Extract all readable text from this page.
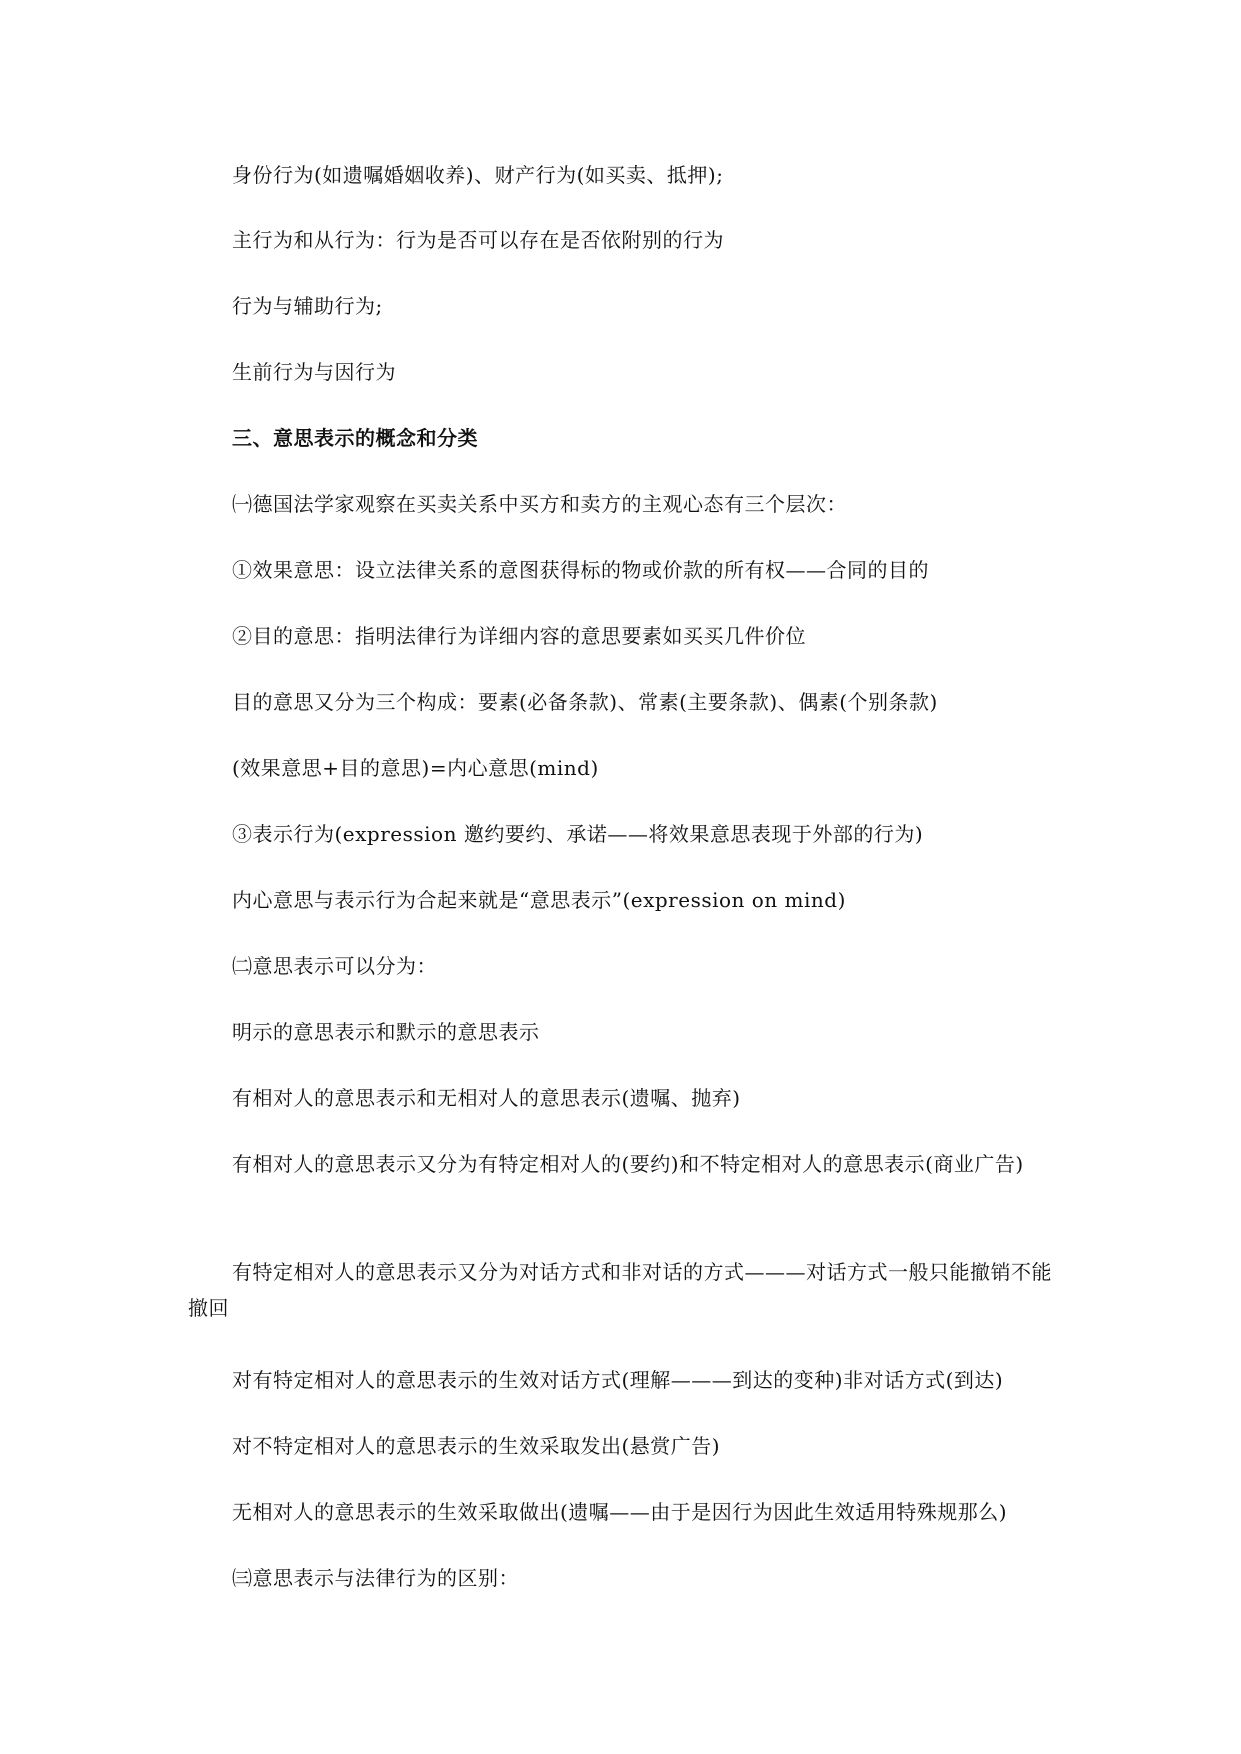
身份行为(如遗嘱婚姻收养)、财产行为(如买卖、抵押);
主行为和从行为：行为是否可以存在是否依附别的行为
行为与辅助行为;
生前行为与因行为
三、意思表示的概念和分类
㈠德国法学家观察在买卖关系中买方和卖方的主观心态有三个层次：
①效果意思：设立法律关系的意图获得标的物或价款的所有权——合同的目的
②目的意思：指明法律行为详细内容的意思要素如买买几件价位
目的意思又分为三个构成：要素(必备条款)、常素(主要条款)、偶素(个别条款)
(效果意思+目的意思)=内心意思(mind)
③表示行为(expression 邀约要约、承诺——将效果意思表现于外部的行为)
内心意思与表示行为合起来就是“意思表示”(expression on mind)
㈡意思表示可以分为：
明示的意思表示和默示的意思表示
有相对人的意思表示和无相对人的意思表示(遗嘱、抛弃)
有相对人的意思表示又分为有特定相对人的(要约)和不特定相对人的意思表示(商业广告)
有特定相对人的意思表示又分为对话方式和非对话的方式———对话方式一般只能撤销不能撤回
对有特定相对人的意思表示的生效对话方式(理解———到达的变种)非对话方式(到达)
对不特定相对人的意思表示的生效采取发出(悬赏广告)
无相对人的意思表示的生效采取做出(遗嘱——由于是因行为因此生效适用特殊规那么)
㈢意思表示与法律行为的区别：
